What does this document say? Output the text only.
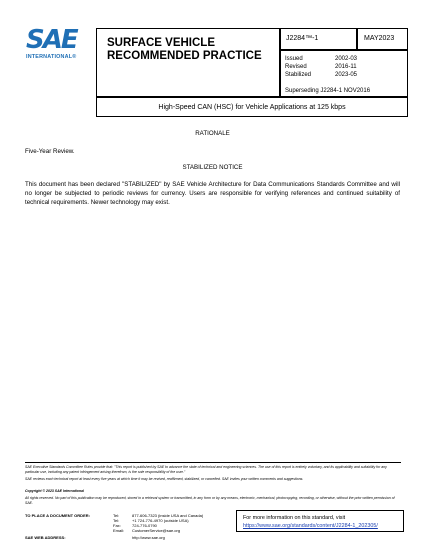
SAE
INTERNATIONAL®
SURFACE VEHICLE
RECOMMENDED PRACTICE
J2284™-1	MAY2023
Issued	2002-03
Revised	2016-11
Stabilized	2023-05
Superseding J2284-1 NOV2016
High-Speed CAN (HSC) for Vehicle Applications at 125 kbps
RATIONALE
Five-Year Review.
STABILIZED NOTICE
This document has been declared "STABILIZED" by SAE Vehicle Architecture for Data Communications Standards Committee and will no longer be subjected to periodic reviews for currency. Users are responsible for verifying references and continued suitability of technical requirements. Newer technology may exist.
SAE Executive Standards Committee Rules provide that: "This report is published by SAE to advance the state of technical and engineering sciences. The use of this report is entirely voluntary, and its applicability and suitability for any particular use, including any patent infringement arising therefrom, is the sole responsibility of the user."
SAE reviews each technical report at least every five years at which time it may be revised, reaffirmed, stabilized, or cancelled. SAE invites your written comments and suggestions.
Copyright © 2023 SAE International
All rights reserved. No part of this publication may be reproduced, stored in a retrieval system or transmitted, in any form or by any means, electronic, mechanical, photocopying, recording, or otherwise, without the prior written permission of SAE.
TO PLACE A DOCUMENT ORDER:	Tel:	877-606-7323 (inside USA and Canada)
Tel:	+1 724-776-4970 (outside USA)
Fax:	724-776-0790
Email: CustomerService@sae.org
SAE WEB ADDRESS:	http://www.sae.org
For more information on this standard, visit
https://www.sae.org/standards/content/J2284-1_202305/
